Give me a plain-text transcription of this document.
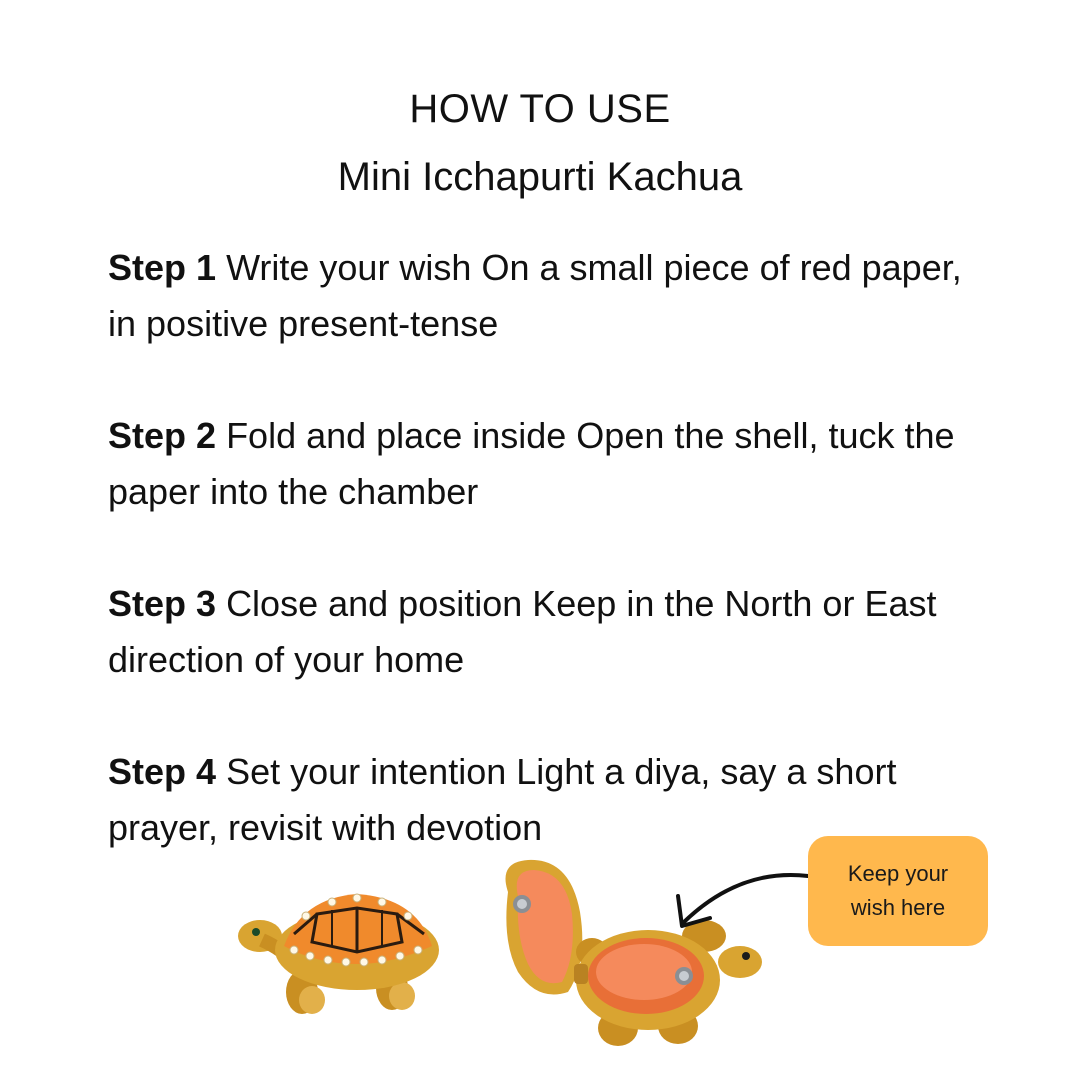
HOW TO USE
Mini Icchapurti Kachua

Step 1 Write your wish On a small piece of red paper, in positive present-tense

Step 2 Fold and place inside Open the shell, tuck the paper into the chamber

Step 3 Close and position Keep in the North or East direction of your home

Step 4 Set your intention Light a diya, say a short prayer, revisit with devotion

Keep your wish here
